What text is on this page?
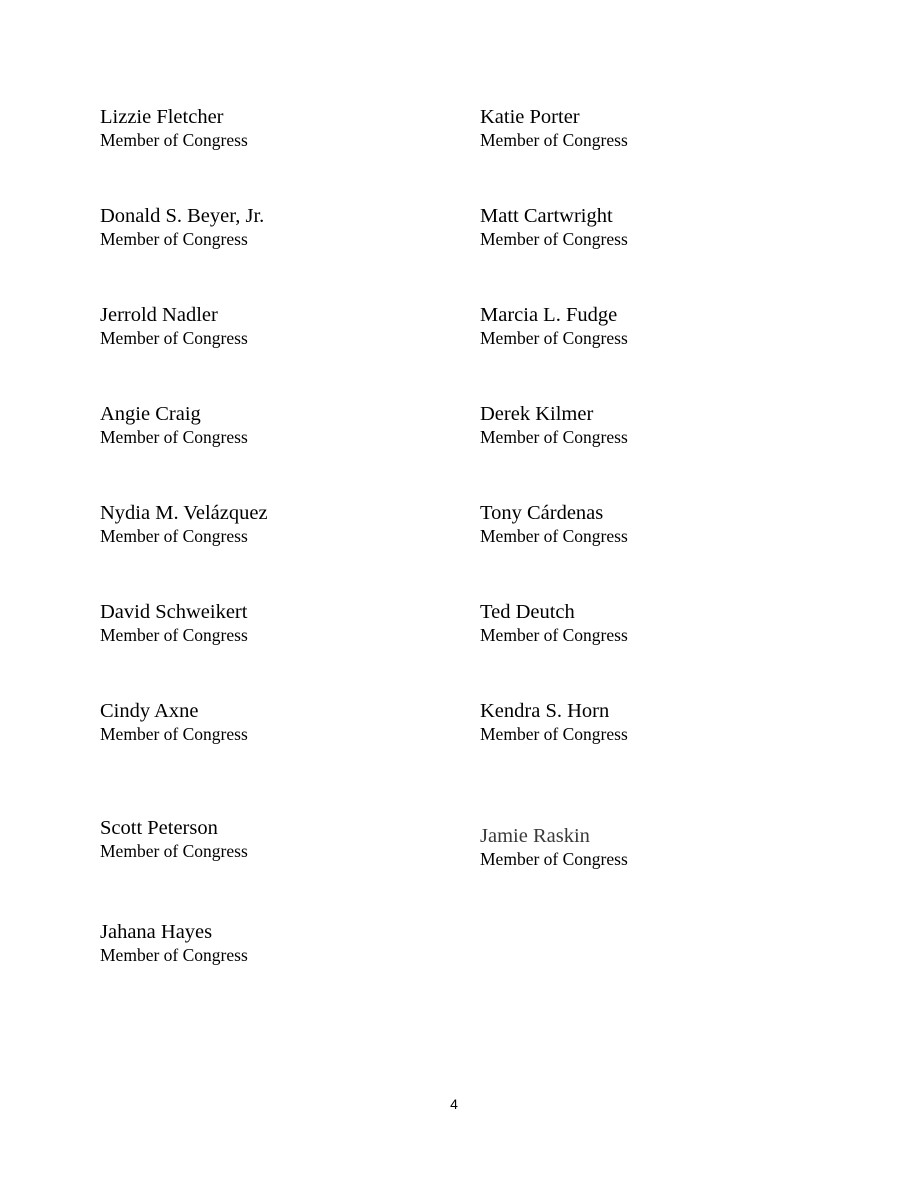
Lizzie Fletcher
Member of Congress
Donald S. Beyer, Jr.
Member of Congress
Jerrold Nadler
Member of Congress
Angie Craig
Member of Congress
Nydia M. Velázquez
Member of Congress
David Schweikert
Member of Congress
Cindy Axne
Member of Congress
Scott Peterson
Member of Congress
Jahana Hayes
Member of Congress
Katie Porter
Member of Congress
Matt Cartwright
Member of Congress
Marcia L. Fudge
Member of Congress
Derek Kilmer
Member of Congress
Tony Cárdenas
Member of Congress
Ted Deutch
Member of Congress
Kendra S. Horn
Member of Congress
Jamie Raskin
Member of Congress
4
